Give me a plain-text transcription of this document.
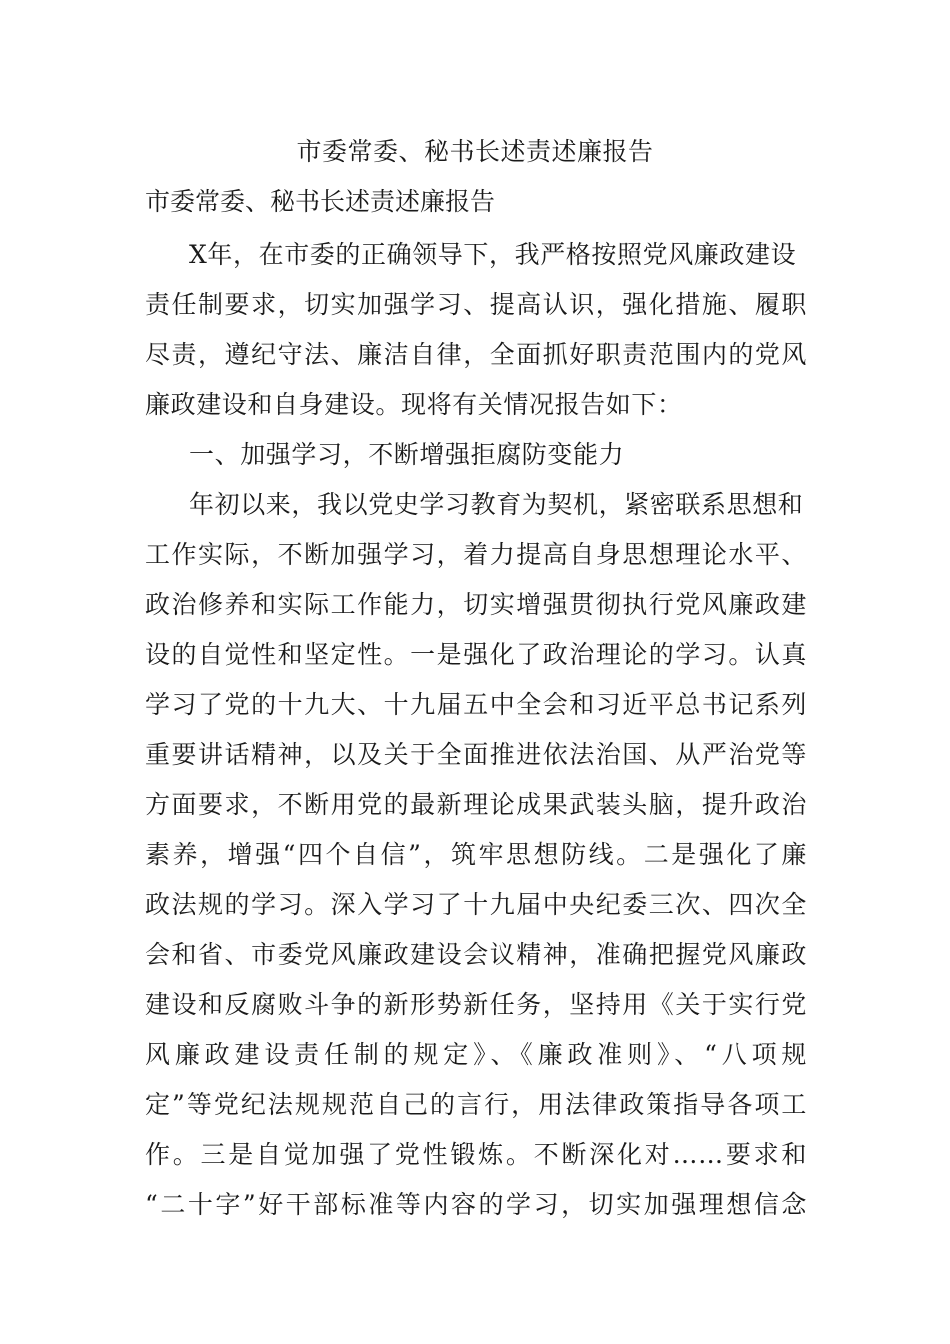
市委常委、秘书长述责述廉报告
市委常委、秘书长述责述廉报告
X年，在市委的正确领导下，我严格按照党风廉政建设
责任制要求，切实加强学习、提高认识，强化措施、履职
尽责，遵纪守法、廉洁自律，全面抓好职责范围内的党风
廉政建设和自身建设。现将有关情况报告如下：
一、加强学习，不断增强拒腐防变能力
年初以来，我以党史学习教育为契机，紧密联系思想和
工作实际，不断加强学习，着力提高自身思想理论水平、
政治修养和实际工作能力，切实增强贯彻执行党风廉政建
设的自觉性和坚定性。一是强化了政治理论的学习。认真
学习了党的十九大、十九届五中全会和习近平总书记系列
重要讲话精神，以及关于全面推进依法治国、从严治党等
方面要求，不断用党的最新理论成果武装头脑，提升政治
素养，增强“四个自信”，筑牢思想防线。二是强化了廉
政法规的学习。深入学习了十九届中央纪委三次、四次全
会和省、市委党风廉政建设会议精神，准确把握党风廉政
建设和反腐败斗争的新形势新任务，坚持用《关于实行党
风廉政建设责任制的规定》、《廉政准则》、“八项规
定”等党纪法规规范自己的言行，用法律政策指导各项工
作。三是自觉加强了党性锻炼。不断深化对……要求和
“二十字”好干部标准等内容的学习，切实加强理想信念
